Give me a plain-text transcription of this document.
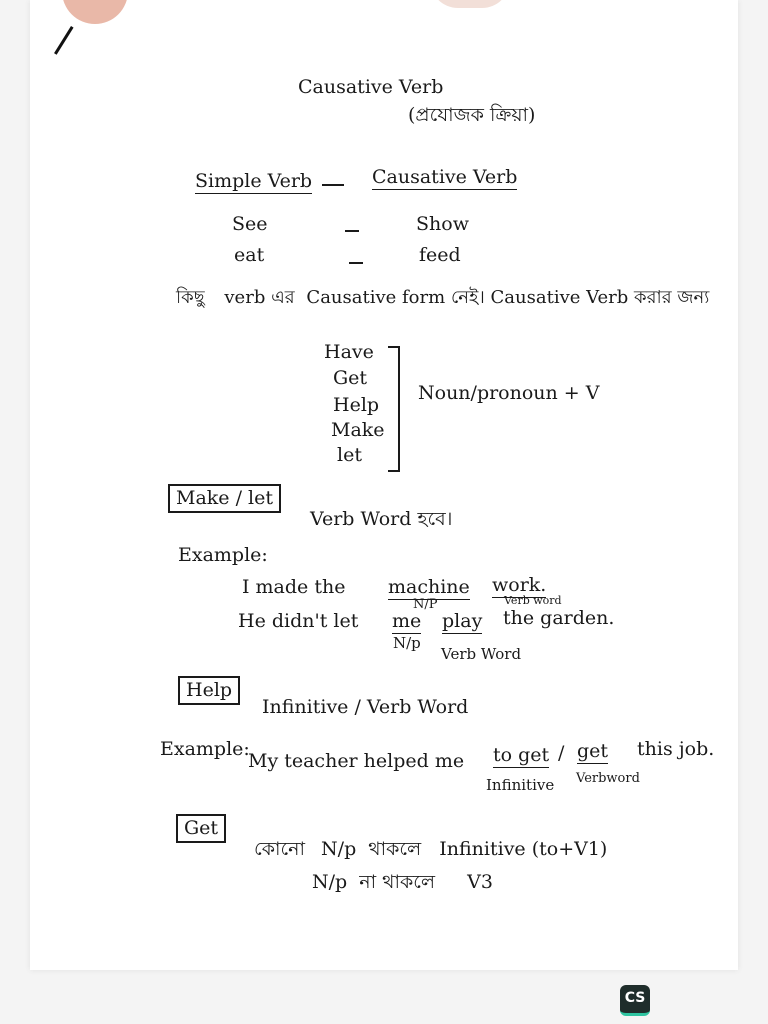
Causative Verb
(প্রযোজক ক্রিয়া)
Simple Verb	Causative Verb
See	Show
eat	feed
কিছু verb এর Causative form নেই। Causative Verb করার জন্য
Have
Get
Help
Make
let
Noun/pronoun + V
Make / let
Verb Word হবে।
Example:
I made the machine work.
N/P	Verb word
He didn't let me play the garden.
N/p
Verb Word
Help
Infinitive / Verb Word
Example:
My teacher helped me to get / get this job.
Infinitive Verbword
Get
কোনো N/p থাকলে Infinitive (to+V1)
N/p না থাকলে V3
CS
